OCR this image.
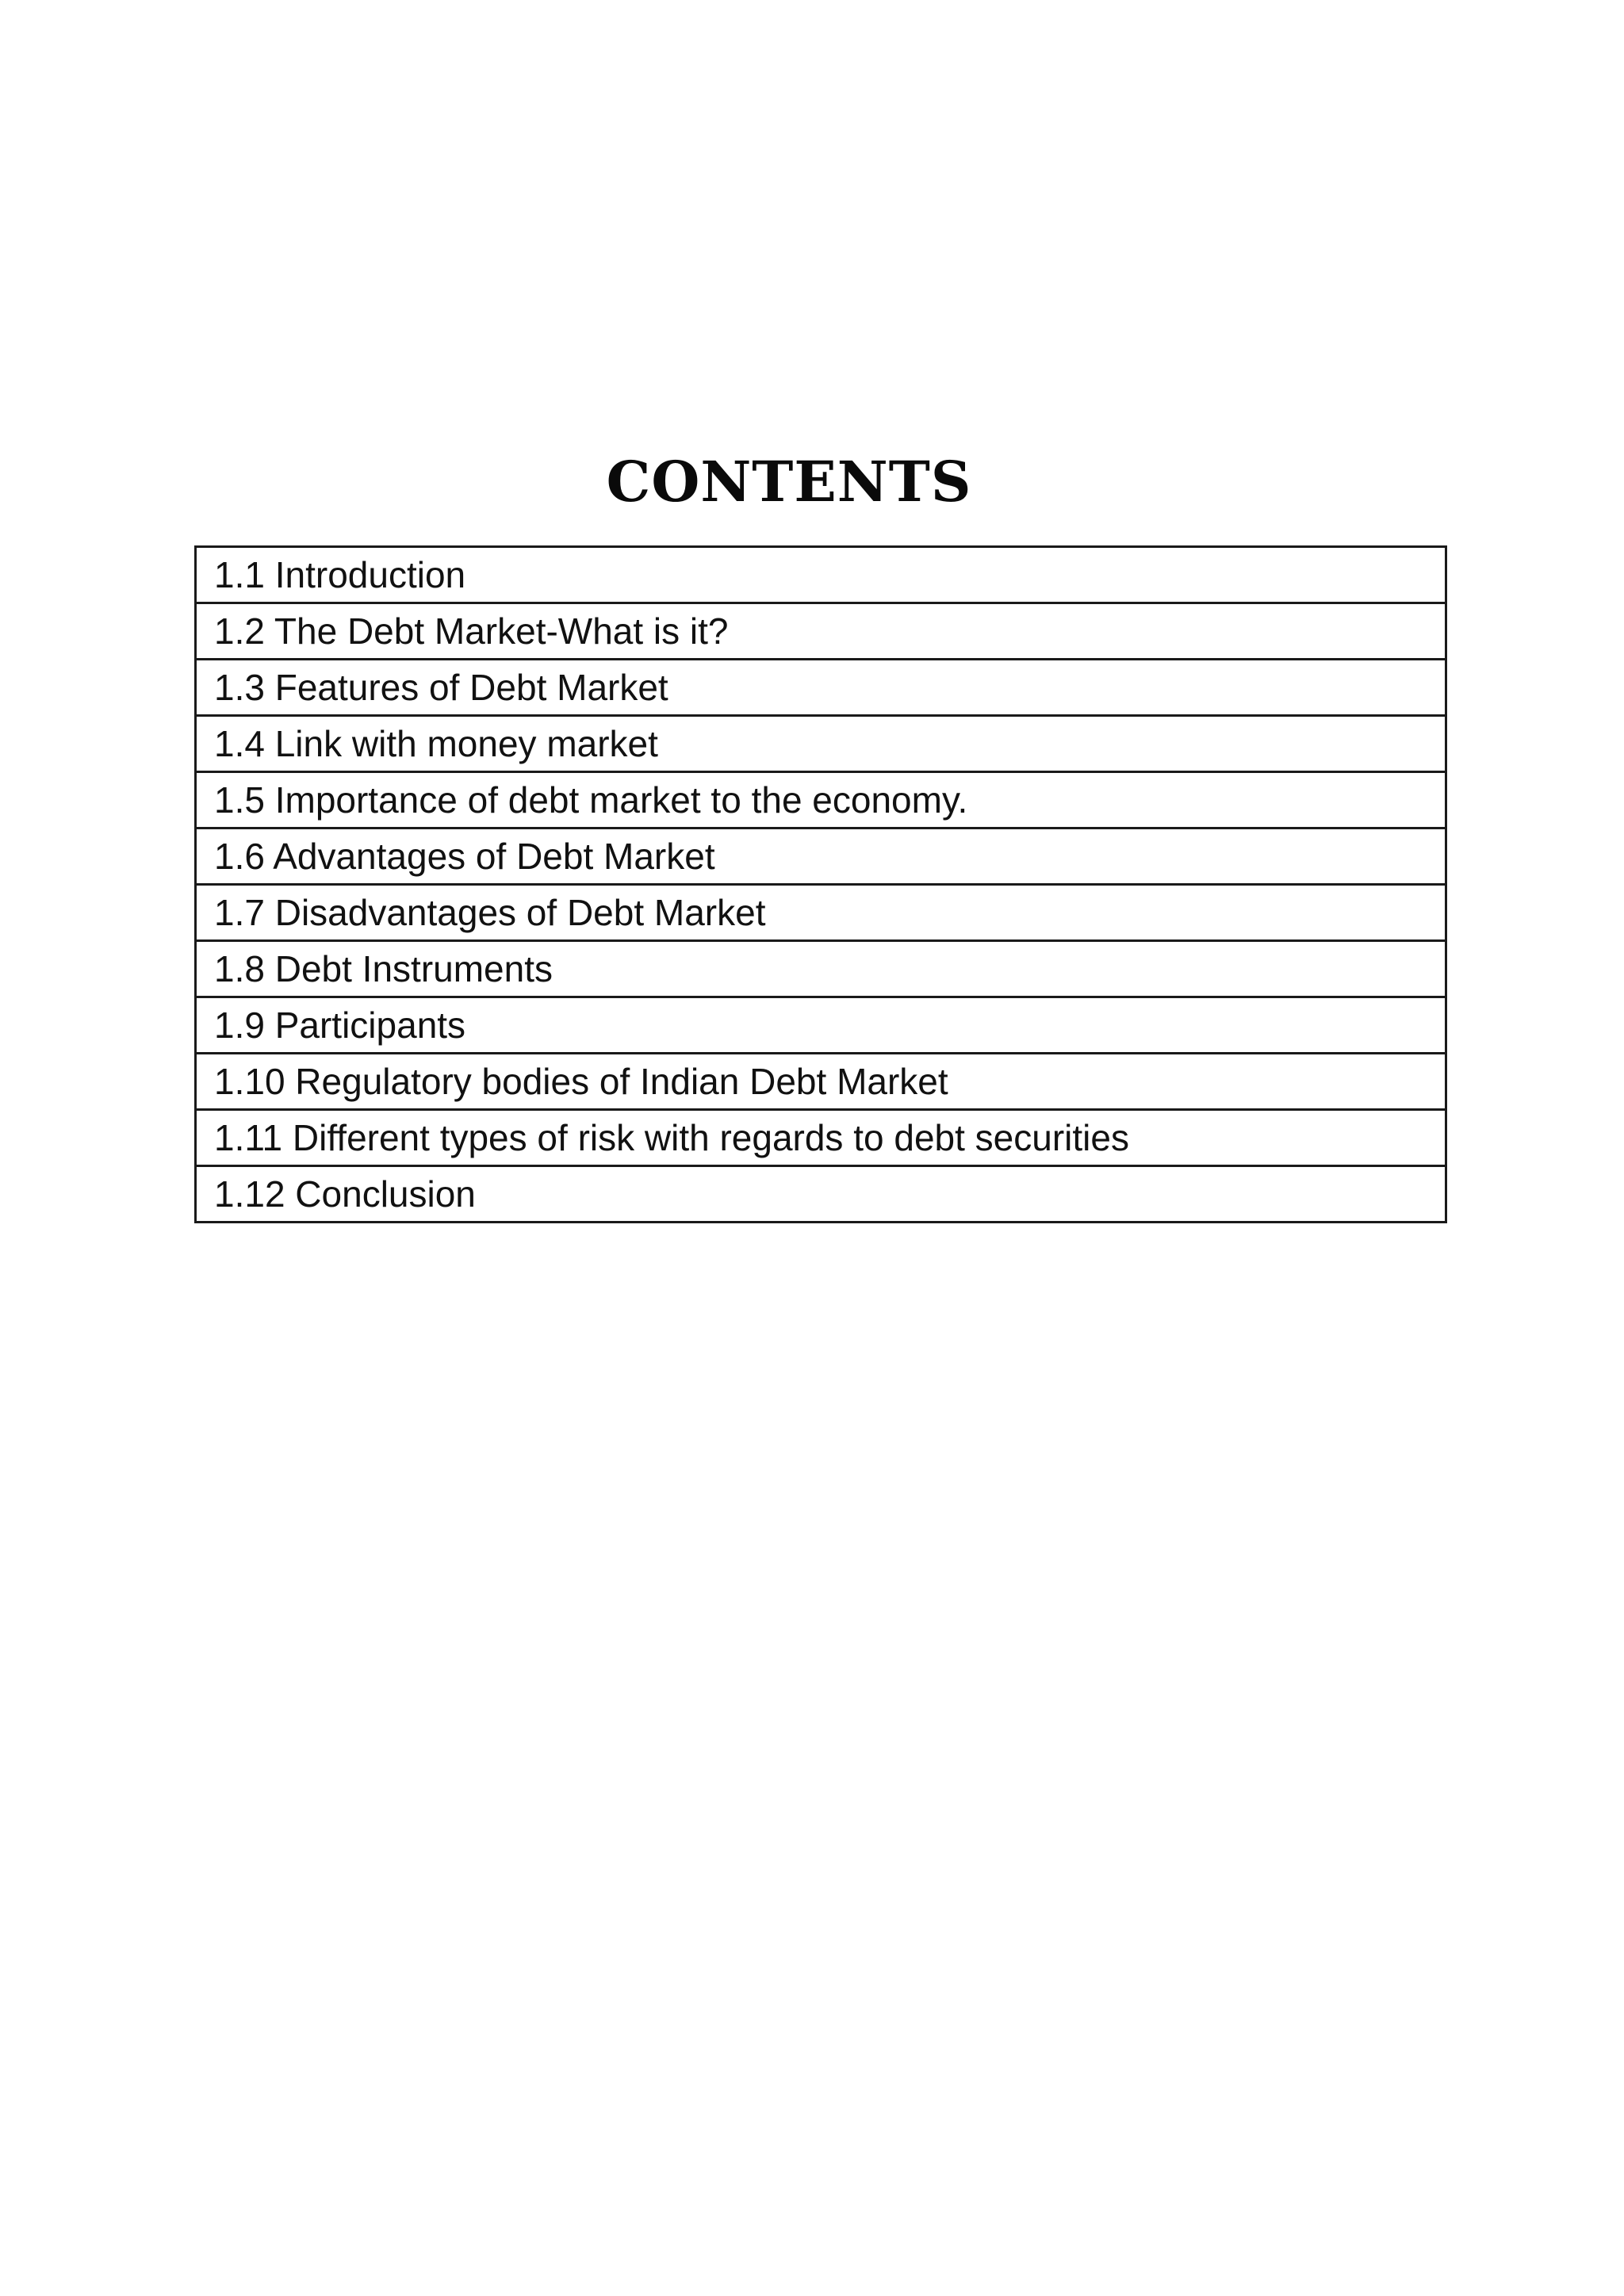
CONTENTS
1.1 Introduction
1.2 The Debt Market-What is it?
1.3 Features of Debt Market
1.4 Link with money market
1.5 Importance of debt market to the economy.
1.6 Advantages of Debt Market
1.7 Disadvantages of Debt Market
1.8 Debt Instruments
1.9 Participants
1.10 Regulatory bodies of Indian Debt Market
1.11 Different types of risk with regards to debt securities
1.12 Conclusion
